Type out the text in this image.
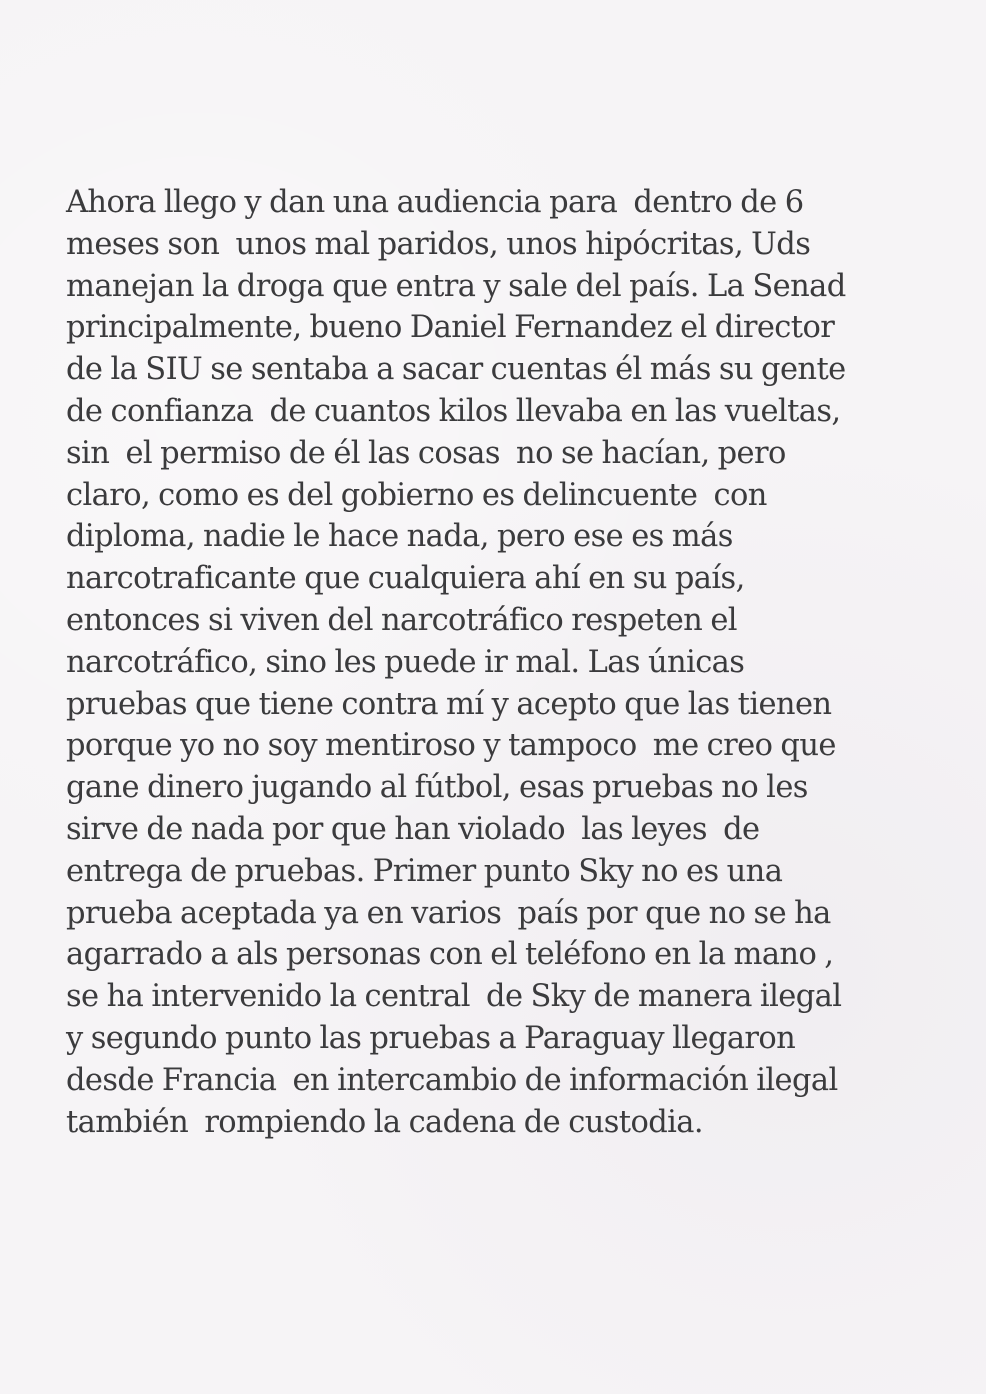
Ahora llego y dan una audiencia para  dentro de 6
meses son  unos mal paridos, unos hipócritas, Uds
manejan la droga que entra y sale del país. La Senad
principalmente, bueno Daniel Fernandez el director
de la SIU se sentaba a sacar cuentas él más su gente
de confianza  de cuantos kilos llevaba en las vueltas,
sin  el permiso de él las cosas  no se hacían, pero
claro, como es del gobierno es delincuente  con
diploma, nadie le hace nada, pero ese es más
narcotraficante que cualquiera ahí en su país,
entonces si viven del narcotráfico respeten el
narcotráfico, sino les puede ir mal. Las únicas
pruebas que tiene contra mí y acepto que las tienen
porque yo no soy mentiroso y tampoco  me creo que
gane dinero jugando al fútbol, esas pruebas no les
sirve de nada por que han violado  las leyes  de
entrega de pruebas. Primer punto Sky no es una
prueba aceptada ya en varios  país por que no se ha
agarrado a als personas con el teléfono en la mano ,
se ha intervenido la central  de Sky de manera ilegal
y segundo punto las pruebas a Paraguay llegaron
desde Francia  en intercambio de información ilegal
también  rompiendo la cadena de custodia.
